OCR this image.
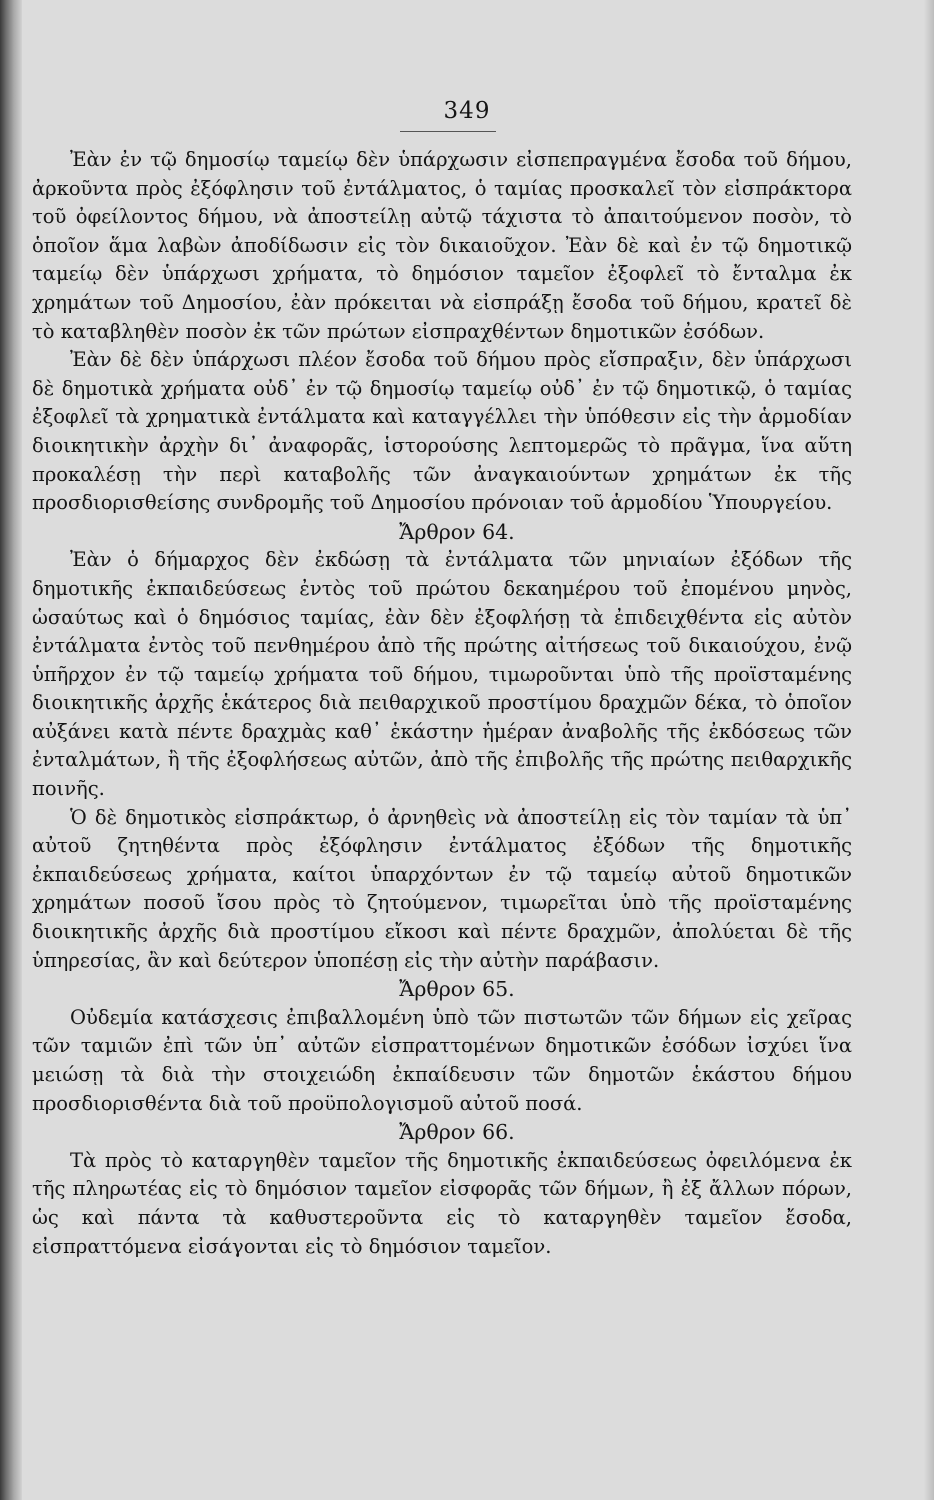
349

Ἐὰν ἐν τῷ δημοσίῳ ταμείῳ δὲν ὑπάρχωσιν εἰσπεπραγμένα ἔσοδα τοῦ δήμου, ἀρκοῦντα πρὸς ἐξόφλησιν τοῦ ἐντάλματος, ὁ ταμίας προσκαλεῖ τὸν εἰσπράκτορα τοῦ ὀφείλοντος δήμου, νὰ ἀποστείλῃ αὐτῷ τάχιστα τὸ ἀπαιτούμενον ποσὸν, τὸ ὁποῖον ἅμα λαβὼν ἀποδίδωσιν εἰς τὸν δικαιοῦχον. Ἐὰν δὲ καὶ ἐν τῷ δημοτικῷ ταμείῳ δὲν ὑπάρχωσι χρήματα, τὸ δημόσιον ταμεῖον ἐξοφλεῖ τὸ ἔνταλμα ἐκ χρημάτων τοῦ Δημοσίου, ἐὰν πρόκειται νὰ εἰσπράξῃ ἔσοδα τοῦ δήμου, κρατεῖ δὲ τὸ καταβληθὲν ποσὸν ἐκ τῶν πρώτων εἰσπραχθέντων δημοτικῶν ἐσόδων.

Ἐὰν δὲ δὲν ὑπάρχωσι πλέον ἔσοδα τοῦ δήμου πρὸς εἴσπραξιν, δὲν ὑπάρχωσι δὲ δημοτικὰ χρήματα οὐδ᾽ ἐν τῷ δημοσίῳ ταμείῳ οὐδ᾽ ἐν τῷ δημοτικῷ, ὁ ταμίας ἐξοφλεῖ τὰ χρηματικὰ ἐντάλματα καὶ καταγγέλλει τὴν ὑπόθεσιν εἰς τὴν ἁρμοδίαν διοικητικὴν ἀρχὴν δι᾽ ἀναφορᾶς, ἱστορούσης λεπτομερῶς τὸ πρᾶγμα, ἵνα αὕτη προκαλέσῃ τὴν περὶ καταβολῆς τῶν ἀναγκαιούντων χρημάτων ἐκ τῆς προσδιορισθείσης συνδρομῆς τοῦ Δημοσίου πρόνοιαν τοῦ ἁρμοδίου Ὑπουργείου.

Ἄρθρον 64.

Ἐὰν ὁ δήμαρχος δὲν ἐκδώσῃ τὰ ἐντάλματα τῶν μηνιαίων ἐξόδων τῆς δημοτικῆς ἐκπαιδεύσεως ἐντὸς τοῦ πρώτου δεκαημέρου τοῦ ἐπομένου μηνὸς, ὡσαύτως καὶ ὁ δημόσιος ταμίας, ἐὰν δὲν ἐξοφλήσῃ τὰ ἐπιδειχθέντα εἰς αὐτὸν ἐντάλματα ἐντὸς τοῦ πενθημέρου ἀπὸ τῆς πρώτης αἰτήσεως τοῦ δικαιούχου, ἐνῷ ὑπῆρχον ἐν τῷ ταμείῳ χρήματα τοῦ δήμου, τιμωροῦνται ὑπὸ τῆς προϊσταμένης διοικητικῆς ἀρχῆς ἑκάτερος διὰ πειθαρχικοῦ προστίμου δραχμῶν δέκα, τὸ ὁποῖον αὐξάνει κατὰ πέντε δραχμὰς καθ᾽ ἑκάστην ἡμέραν ἀναβολῆς τῆς ἐκδόσεως τῶν ἐνταλμάτων, ἢ τῆς ἐξοφλήσεως αὐτῶν, ἀπὸ τῆς ἐπιβολῆς τῆς πρώτης πειθαρχικῆς ποινῆς.

Ὁ δὲ δημοτικὸς εἰσπράκτωρ, ὁ ἀρνηθεὶς νὰ ἀποστείλῃ εἰς τὸν ταμίαν τὰ ὑπ᾽ αὐτοῦ ζητηθέντα πρὸς ἐξόφλησιν ἐντάλματος ἐξόδων τῆς δημοτικῆς ἐκπαιδεύσεως χρήματα, καίτοι ὑπαρχόντων ἐν τῷ ταμείῳ αὐτοῦ δημοτικῶν χρημάτων ποσοῦ ἴσου πρὸς τὸ ζητούμενον, τιμωρεῖται ὑπὸ τῆς προϊσταμένης διοικητικῆς ἀρχῆς διὰ προστίμου εἴκοσι καὶ πέντε δραχμῶν, ἀπολύεται δὲ τῆς ὑπηρεσίας, ἂν καὶ δεύτερον ὑποπέσῃ εἰς τὴν αὐτὴν παράβασιν.

Ἄρθρον 65.

Οὐδεμία κατάσχεσις ἐπιβαλλομένη ὑπὸ τῶν πιστωτῶν τῶν δήμων εἰς χεῖρας τῶν ταμιῶν ἐπὶ τῶν ὑπ᾽ αὐτῶν εἰσπραττομένων δημοτικῶν ἐσόδων ἰσχύει ἵνα μειώσῃ τὰ διὰ τὴν στοιχειώδη ἐκπαίδευσιν τῶν δημοτῶν ἑκάστου δήμου προσδιορισθέντα διὰ τοῦ προϋπολογισμοῦ αὐτοῦ ποσά.

Ἄρθρον 66.

Τὰ πρὸς τὸ καταργηθὲν ταμεῖον τῆς δημοτικῆς ἐκπαιδεύσεως ὀφειλόμενα ἐκ τῆς πληρωτέας εἰς τὸ δημόσιον ταμεῖον εἰσφορᾶς τῶν δήμων, ἢ ἐξ ἄλλων πόρων, ὡς καὶ πάντα τὰ καθυστεροῦντα εἰς τὸ καταργηθὲν ταμεῖον ἔσοδα, εἰσπραττόμενα εἰσάγονται εἰς τὸ δημόσιον ταμεῖον.
